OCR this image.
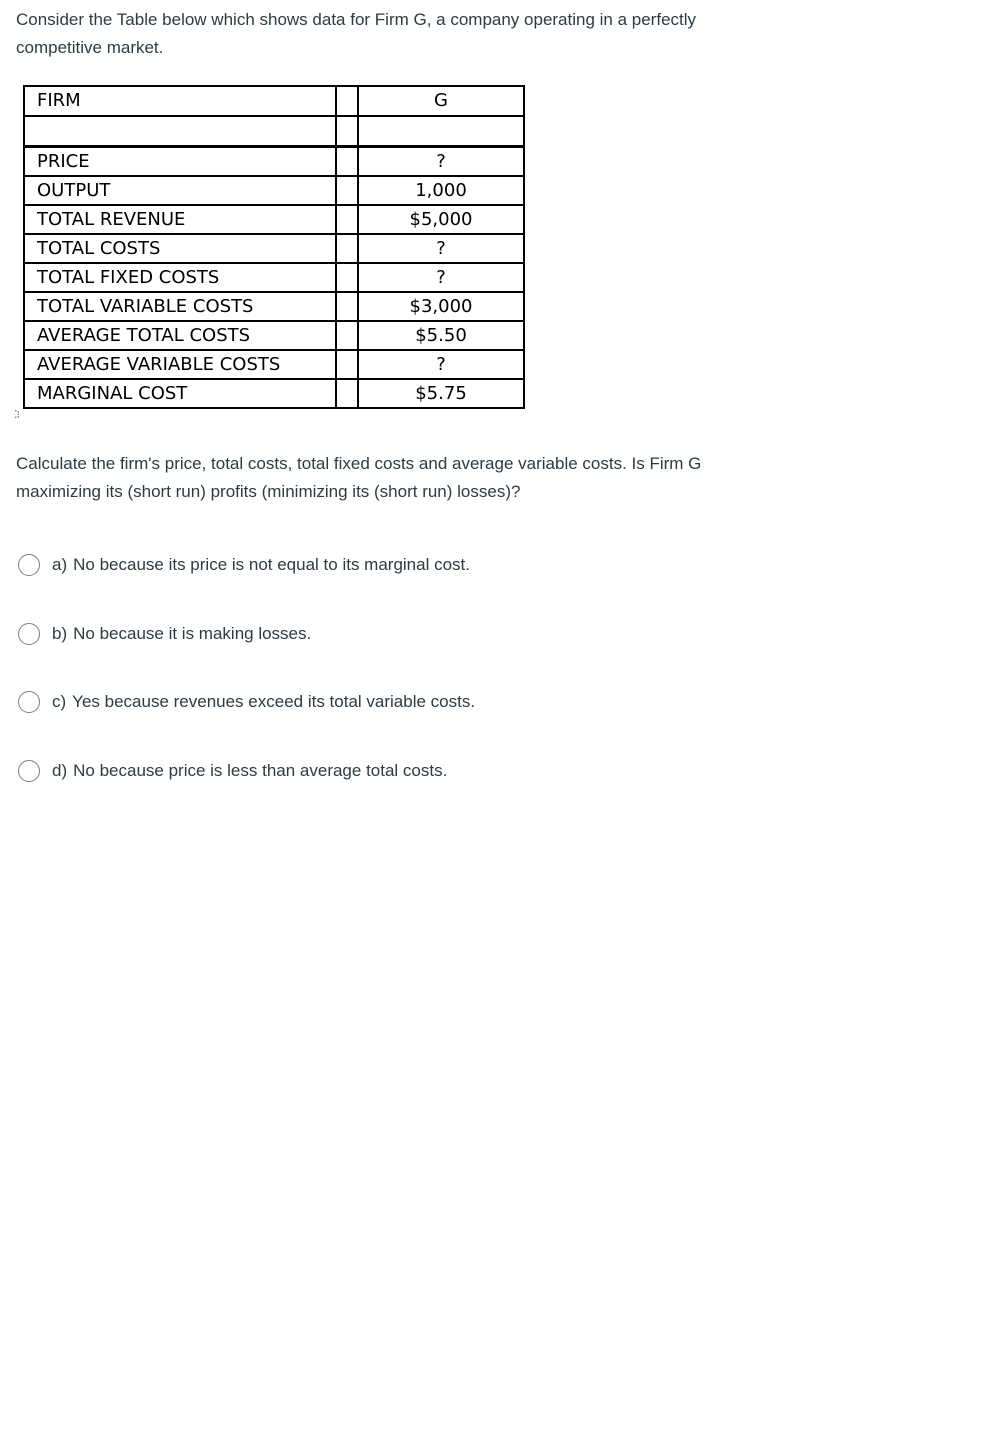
Consider the Table below which shows data for Firm G, a company operating in a perfectly competitive market.
FIRM		G

PRICE		?
OUTPUT		1,000
TOTAL REVENUE		$5,000
TOTAL COSTS		?
TOTAL FIXED COSTS		?
TOTAL VARIABLE COSTS		$3,000
AVERAGE TOTAL COSTS		$5.50
AVERAGE VARIABLE COSTS		?
MARGINAL COST		$5.75
⁚⁝
Calculate the firm's price, total costs, total fixed costs and average variable costs. Is Firm G maximizing its (short run) profits (minimizing its (short run) losses)?
a) No because its price is not equal to its marginal cost.
b) No because it is making losses.
c) Yes because revenues exceed its total variable costs.
d) No because price is less than average total costs.
